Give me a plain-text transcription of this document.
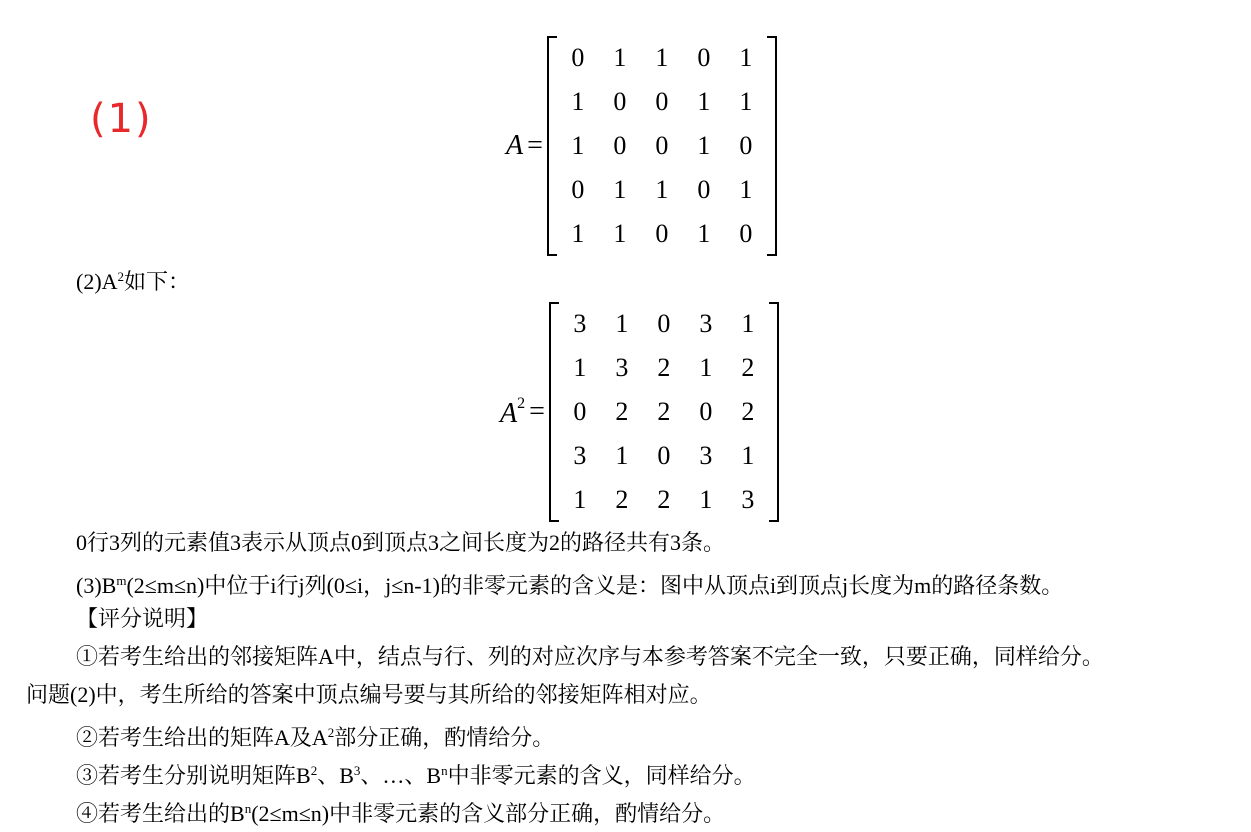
(1)
A =
0	1	1	0	1
1	0	0	1	1
1	0	0	1	0
0	1	1	0	1
1	1	0	1	0
$(2)A^2$如下：
$A^2$ =
3	1	0	3	1
1	3	2	1	2
0	2	2	0	2
3	1	0	3	1
1	2	2	1	3
0行3列的元素值3表示从顶点0到顶点3之间长度为2的路径共有3条。
$(3)B^m(2\le m\le n)$中位于i行j列(0≤i，j≤n-1)的非零元素的含义是：图中从顶点i到顶点j长度为m的路径条数。
【评分说明】
①若考生给出的邻接矩阵A中，结点与行、列的对应次序与本参考答案不完全一致，只要正确，同样给分。
问题(2)中，考生所给的答案中顶点编号要与其所给的邻接矩阵相对应。
②若考生给出的矩阵A及$A^2$部分正确，酌情给分。
③若考生分别说明矩阵$B^2$、$B^3$、…、$B^n$中非零元素的含义，同样给分。
④若考生给出的$B^n(2\le m\le n)$中非零元素的含义部分正确，酌情给分。
